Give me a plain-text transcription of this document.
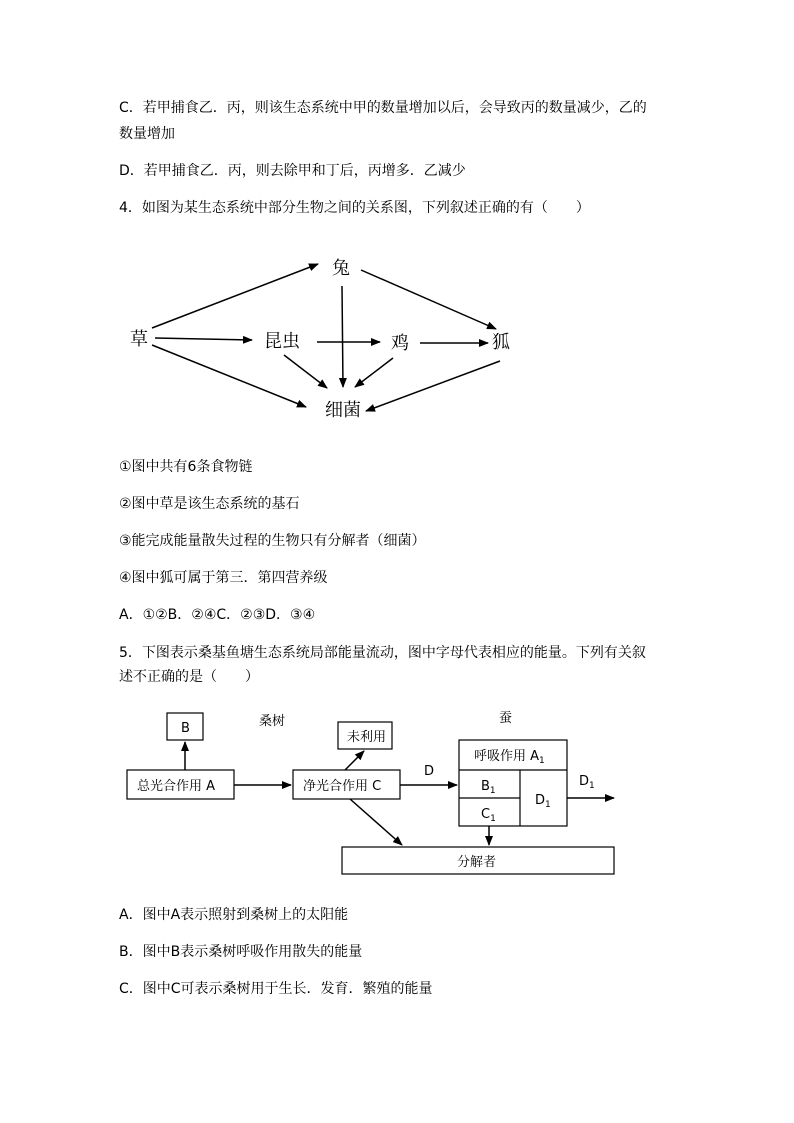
C．若甲捕食乙．丙，则该生态系统中甲的数量增加以后，会导致丙的数量减少，乙的
数量增加
D．若甲捕食乙．丙，则去除甲和丁后，丙增多．乙减少
4．如图为某生态系统中部分生物之间的关系图，下列叙述正确的有（　　）
兔
草	昆虫	鸡	狐
细菌
①图中共有6条食物链
②图中草是该生态系统的基石
③能完成能量散失过程的生物只有分解者（细菌）
④图中狐可属于第三．第四营养级
A．①②B．②④C．②③D．③④
5．下图表示桑基鱼塘生态系统局部能量流动，图中字母代表相应的能量。下列有关叙
述不正确的是（　　）
桑树	蚕
B
总光合作用 A	净光合作用 C
未利用
D
呼吸作用 $A_1$
$B_1$
$C_1$
$D_1$
$D_1$
分解者
A．图中A表示照射到桑树上的太阳能
B．图中B表示桑树呼吸作用散失的能量
C．图中C可表示桑树用于生长．发育．繁殖的能量
